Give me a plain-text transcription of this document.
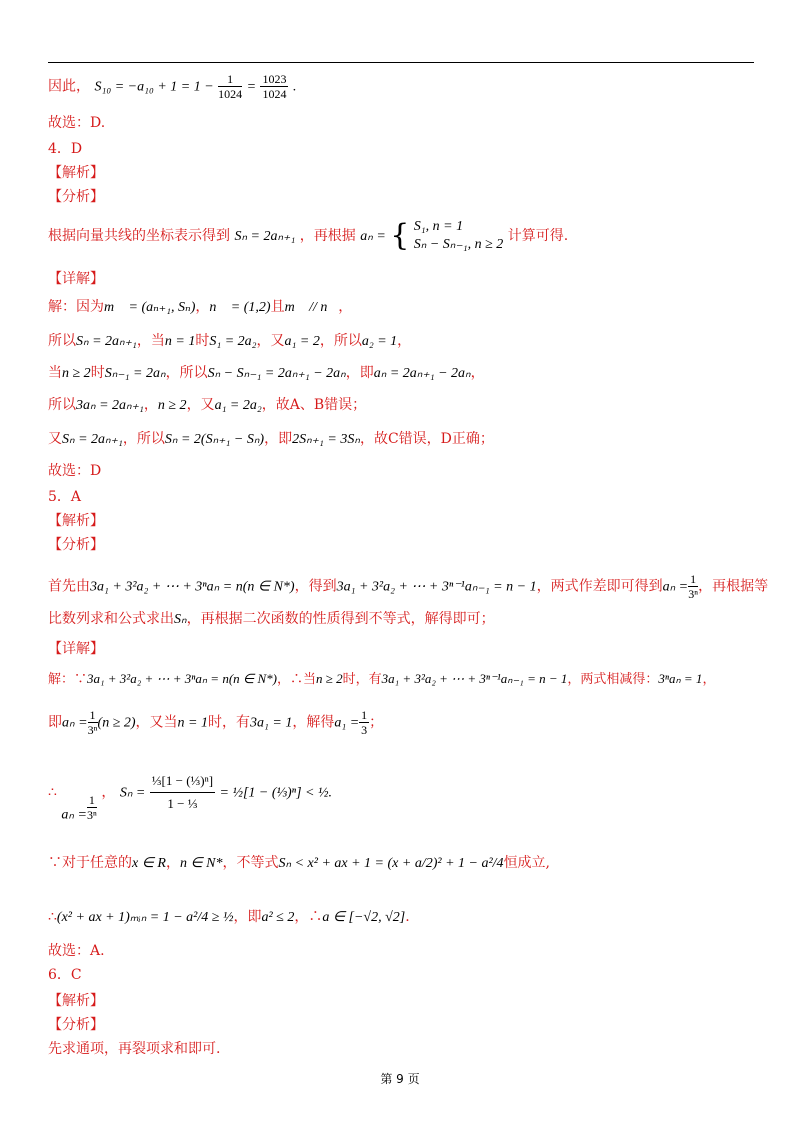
因此， $S_{10} = -a_{10} + 1 = 1 - \frac{1}{1024} = \frac{1023}{1024}$ .
故选：D.
4．D
【解析】
【分析】
根据向量共线的坐标表示得到 Sₙ = 2aₙ₊₁ ，再根据 aₙ = { S₁, n = 1
Sₙ − Sₙ₋₁, n ≥ 2
计算可得.
【详解】
解：因为m⃗ = (aₙ₊₁, Sₙ)，n⃗ = (1,2)且m⃗ // n⃗，
所以Sₙ = 2aₙ₊₁，当n = 1时S₁ = 2a₂，又a₁ = 2，所以a₂ = 1，
当n ≥ 2时Sₙ₋₁ = 2aₙ，所以Sₙ − Sₙ₋₁ = 2aₙ₊₁ − 2aₙ，即aₙ = 2aₙ₊₁ − 2aₙ，
所以3aₙ = 2aₙ₊₁，n ≥ 2，又a₁ = 2a₂，故A、B错误；
又Sₙ = 2aₙ₊₁，所以Sₙ = 2(Sₙ₊₁ − Sₙ)，即2Sₙ₊₁ = 3Sₙ，故C错误，D正确；
故选：D
5．A
【解析】
【分析】
首先由3a₁ + 3²a₂ + ⋯ + 3ⁿaₙ = n(n ∈ N*)，得到3a₁ + 3²a₂ + ⋯ + 3ⁿ⁻¹aₙ₋₁ = n − 1，两式作差即可得到$a_n = \frac{1}{\text{3ⁿ}}$ ，再根据等
比数列求和公式求出Sₙ，再根据二次函数的性质得到不等式，解得即可；
【详解】
解：∵3a₁ + 3²a₂ + ⋯ + 3ⁿaₙ = n(n ∈ N*)，∴当n ≥ 2时，有3a₁ + 3²a₂ + ⋯ + 3ⁿ⁻¹aₙ₋₁ = n − 1，两式相减得：3ⁿaₙ = 1，
即$a_n = \frac{1}{\text{3ⁿ}} (n \ge 2)$，又当n = 1时，有3a₁ = 1，解得$a_1 = \frac{1}{3}$ ；
∴ $a_n = \frac{1}{\text{3ⁿ}}$ ， $S_n = \frac{\text{⅓[1 − (⅓)ⁿ]}}{\text{1 − ⅓}}$ = ½[1 − (⅓)ⁿ] < ½.
∵对于任意的x ∈ R，n ∈ N*，不等式Sₙ < x² + ax + 1 = (x + a/2)² + 1 − a²/4恒成立,
∴(x² + ax + 1)ₘᵢₙ = 1 − a²/4 ≥ ½，即a² ≤ 2，∴a ∈ [−√2, √2].
故选：A.
6．C
【解析】
【分析】
先求通项，再裂项求和即可.
第 9 页
